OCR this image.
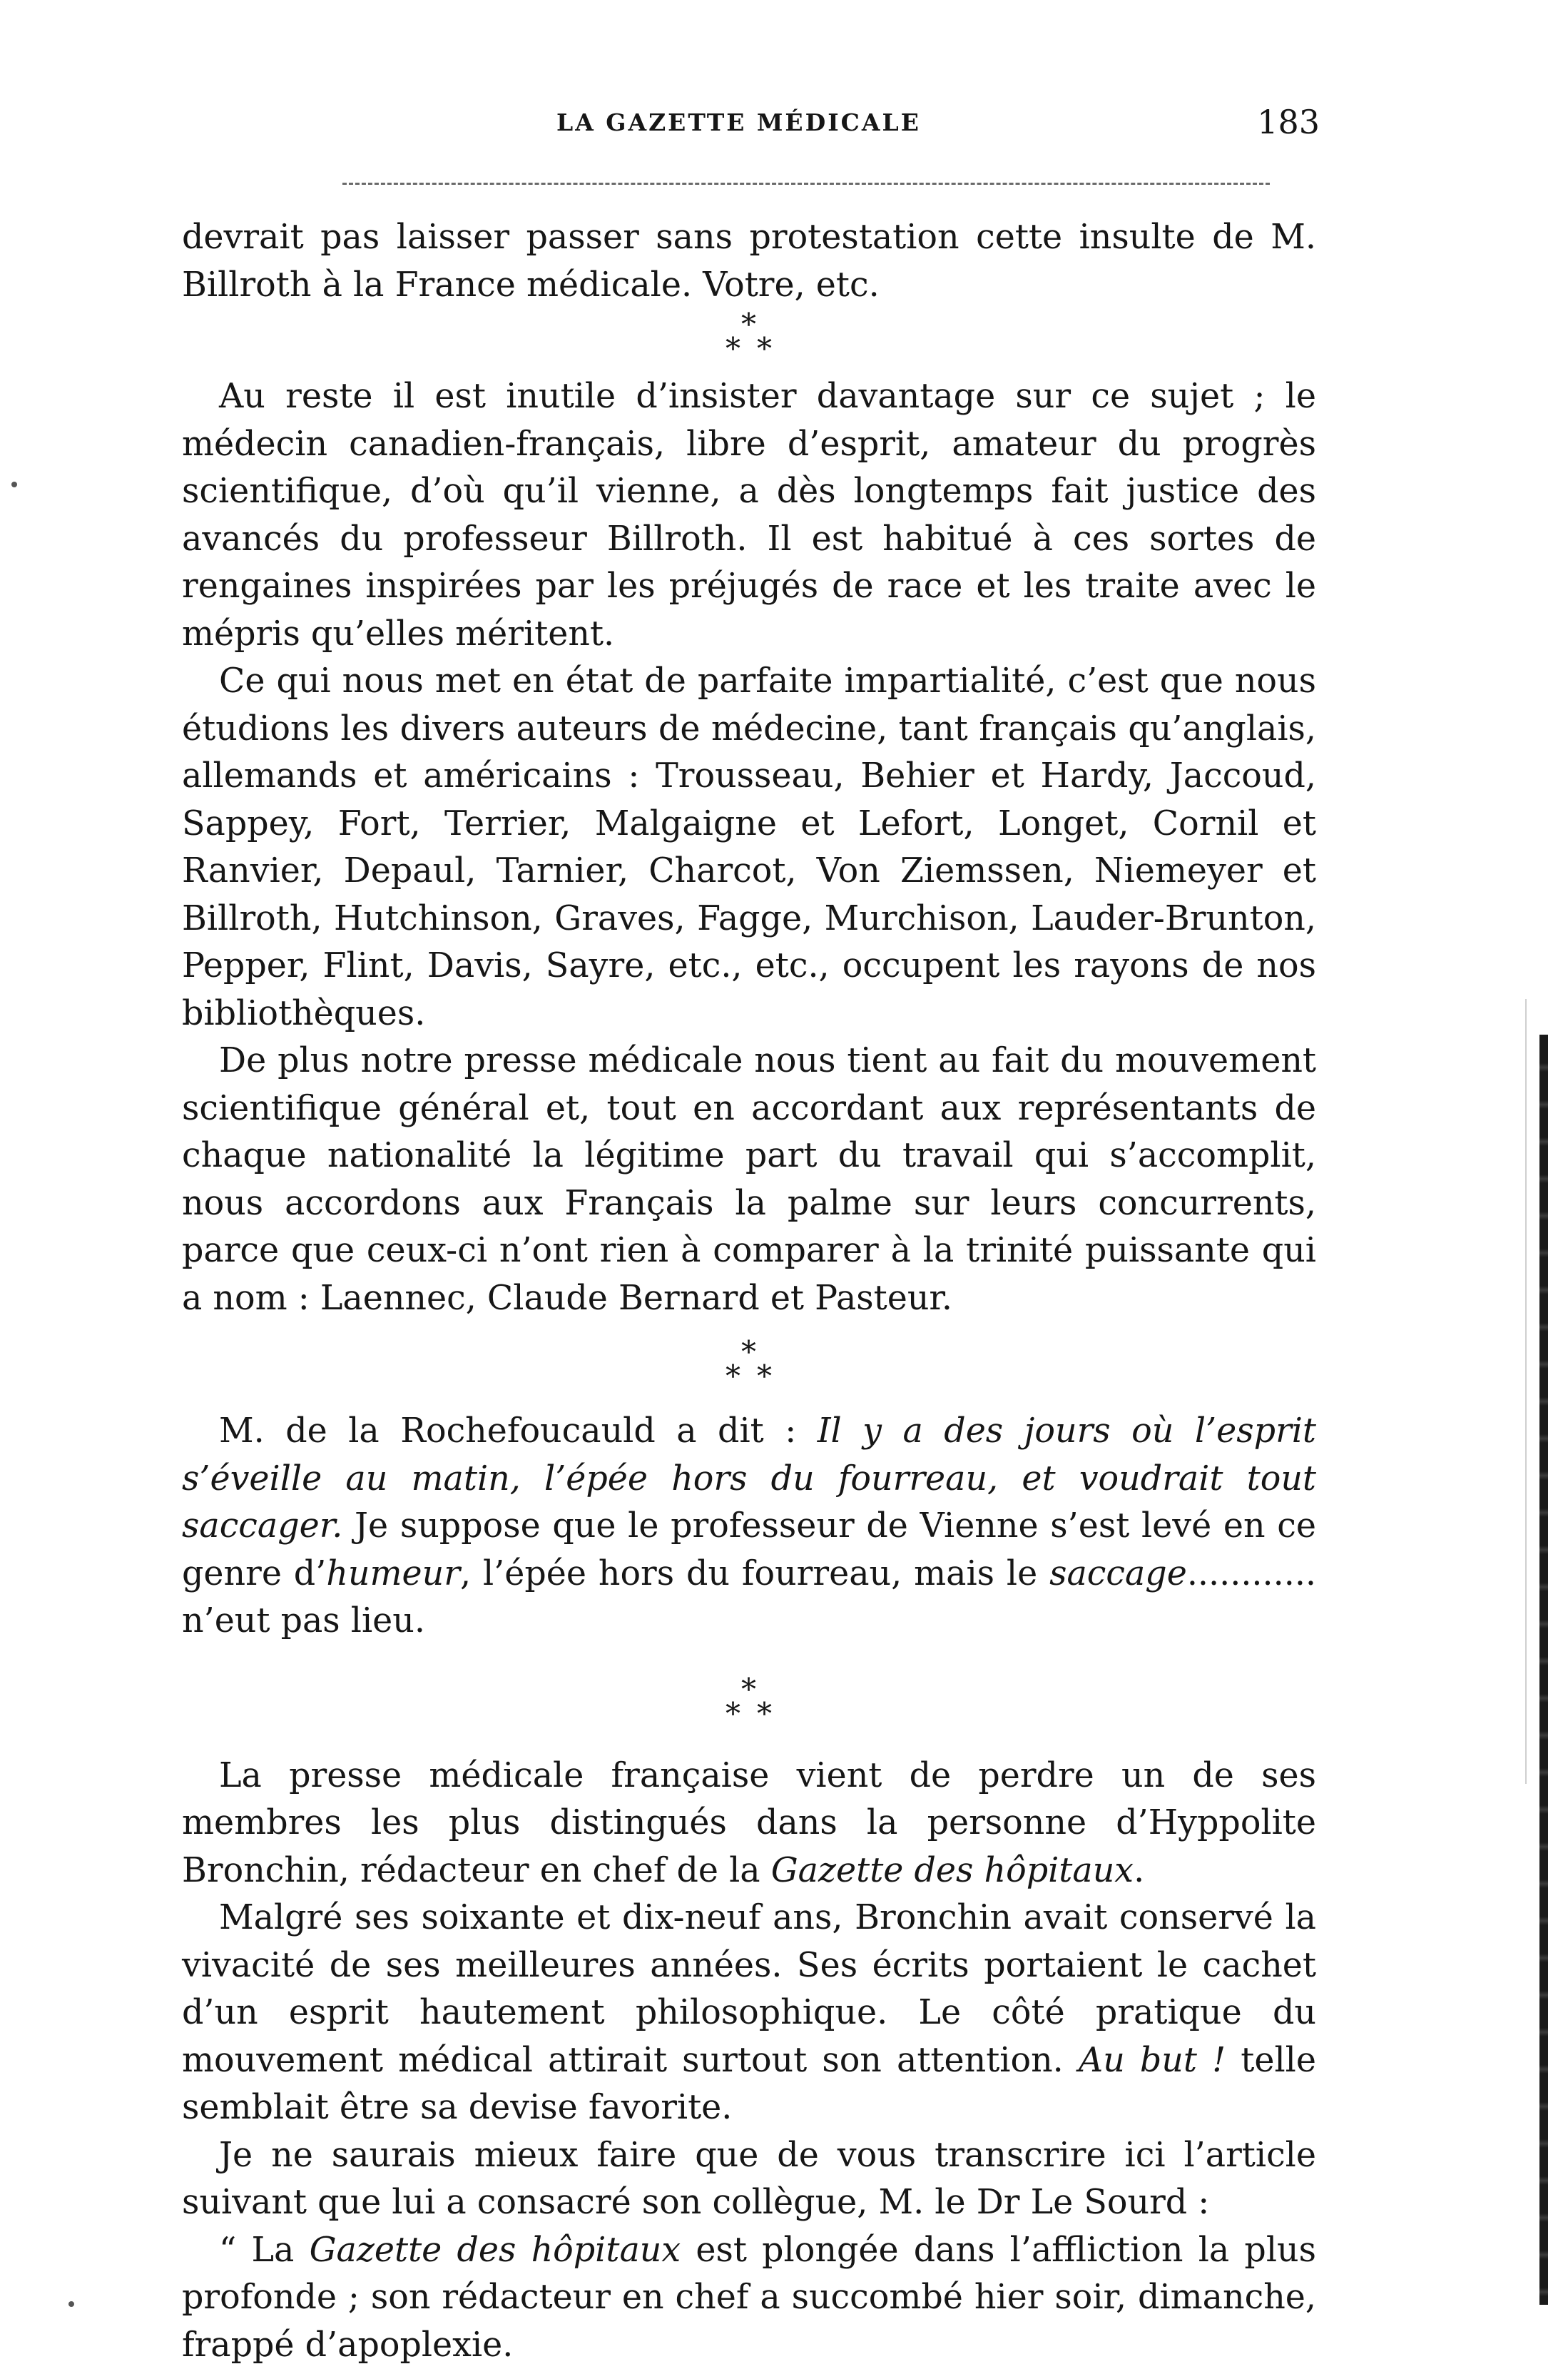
LA GAZETTE MÉDICALE	183

devrait pas laisser passer sans protestation cette insulte de M. Billroth à la France médicale. Votre, etc.

*
* *

Au reste il est inutile d’insister davantage sur ce sujet ; le médecin canadien-français, libre d’esprit, amateur du progrès scientifique, d’où qu’il vienne, a dès longtemps fait justice des avancés du professeur Billroth. Il est habitué à ces sortes de rengaines inspirées par les préjugés de race et les traite avec le mépris qu’elles méritent.

Ce qui nous met en état de parfaite impartialité, c’est que nous étudions les divers auteurs de médecine, tant français qu’anglais, allemands et américains : Trousseau, Behier et Hardy, Jaccoud, Sappey, Fort, Terrier, Malgaigne et Lefort, Longet, Cornil et Ranvier, Depaul, Tarnier, Charcot, Von Ziemssen, Niemeyer et Billroth, Hutchinson, Graves, Fagge, Murchison, Lauder-Brunton, Pepper, Flint, Davis, Sayre, etc., etc., occupent les rayons de nos bibliothèques.

De plus notre presse médicale nous tient au fait du mouvement scientifique général et, tout en accordant aux représentants de chaque nationalité la légitime part du travail qui s’accomplit, nous accordons aux Français la palme sur leurs concurrents, parce que ceux-ci n’ont rien à comparer à la trinité puissante qui a nom : Laennec, Claude Bernard et Pasteur.

*
* *

M. de la Rochefoucauld a dit : Il y a des jours où l’esprit s’éveille au matin, l’épée hors du fourreau, et voudrait tout saccager. Je suppose que le professeur de Vienne s’est levé en ce genre d’humeur, l’épée hors du fourreau, mais le saccage............ n’eut pas lieu.

*
* *

La presse médicale française vient de perdre un de ses membres les plus distingués dans la personne d’Hyppolite Bronchin, rédacteur en chef de la Gazette des hôpitaux.

Malgré ses soixante et dix-neuf ans, Bronchin avait conservé la vivacité de ses meilleures années. Ses écrits portaient le cachet d’un esprit hautement philosophique. Le côté pratique du mouvement médical attirait surtout son attention. Au but ! telle semblait être sa devise favorite.

Je ne saurais mieux faire que de vous transcrire ici l’article suivant que lui a consacré son collègue, M. le Dr Le Sourd :

“ La Gazette des hôpitaux est plongée dans l’affliction la plus profonde ; son rédacteur en chef a succombé hier soir, dimanche, frappé d’apoplexie.
